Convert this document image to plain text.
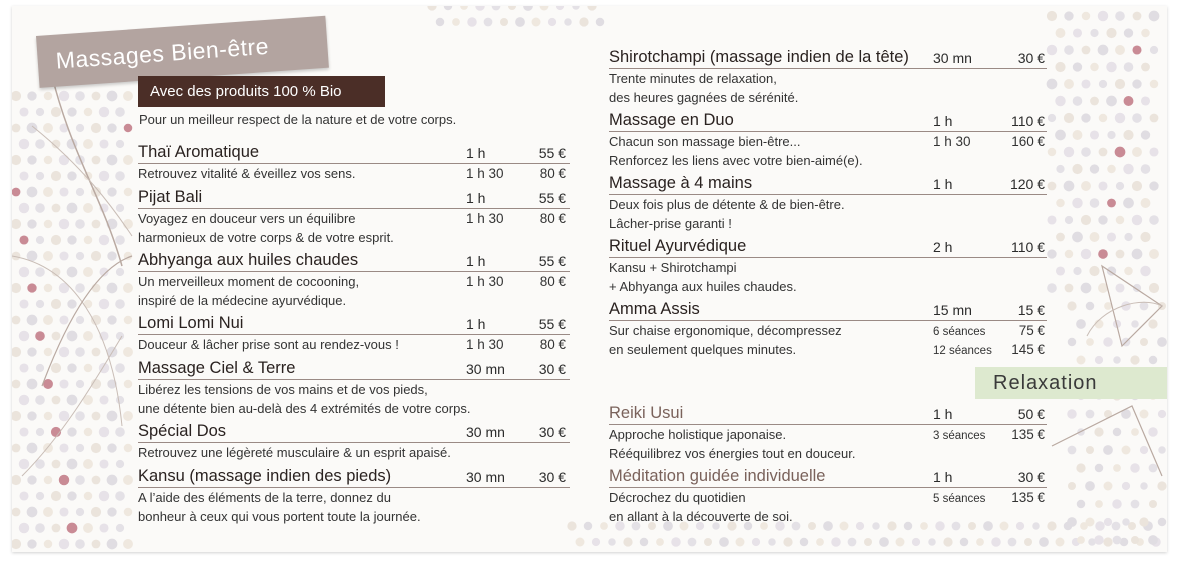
Massages Bien-être
Avec des produits 100 % Bio
Pour un meilleur respect de la nature et de votre corps.
Thaï Aromatique	1 h	55 €
Retrouvez vitalité & éveillez vos sens.	1 h 30	80 €
Pijat Bali	1 h	55 €
Voyagez en douceur vers un équilibre	1 h 30	80 €
harmonieux de votre corps & de votre esprit.
Abhyanga aux huiles chaudes	1 h	55 €
Un merveilleux moment de cocooning,	1 h 30	80 €
inspiré de la médecine ayurvédique.
Lomi Lomi Nui	1 h	55 €
Douceur & lâcher prise sont au rendez-vous !	1 h 30	80 €
Massage Ciel & Terre	30 mn 30 €
Libérez les tensions de vos mains et de vos pieds,
une détente bien au-delà des 4 extrémités de votre corps.
Spécial Dos	30 mn 30 €
Retrouvez une légèreté musculaire & un esprit apaisé.
Kansu (massage indien des pieds)	30 mn 30 €
A l’aide des éléments de la terre, donnez du
bonheur à ceux qui vous portent toute la journée.
Shirotchampi (massage indien de la tête) 30 mn	30 €
Trente minutes de relaxation,
des heures gagnées de sérénité.
Massage en Duo	1 h	110 €
Chacun son massage bien-être...	1 h 30	160 €
Renforcez les liens avec votre bien-aimé(e).
Massage à 4 mains	1 h	120 €
Deux fois plus de détente & de bien-être.
Lâcher-prise garanti !
Rituel Ayurvédique	2 h	110 €
Kansu + Shirotchampi
+ Abhyanga aux huiles chaudes.
Amma Assis	15 mn	15 €
Sur chaise ergonomique, décompressez	6 séances 75 €
en seulement quelques minutes.	12 séances 145 €
Relaxation
Reiki Usui	1 h	50 €
Approche holistique japonaise.	3 séances 135 €
Rééquilibrez vos énergies tout en douceur.
Méditation guidée individuelle	1 h	30 €
Décrochez du quotidien	5 séances 135 €
en allant à la découverte de soi.
